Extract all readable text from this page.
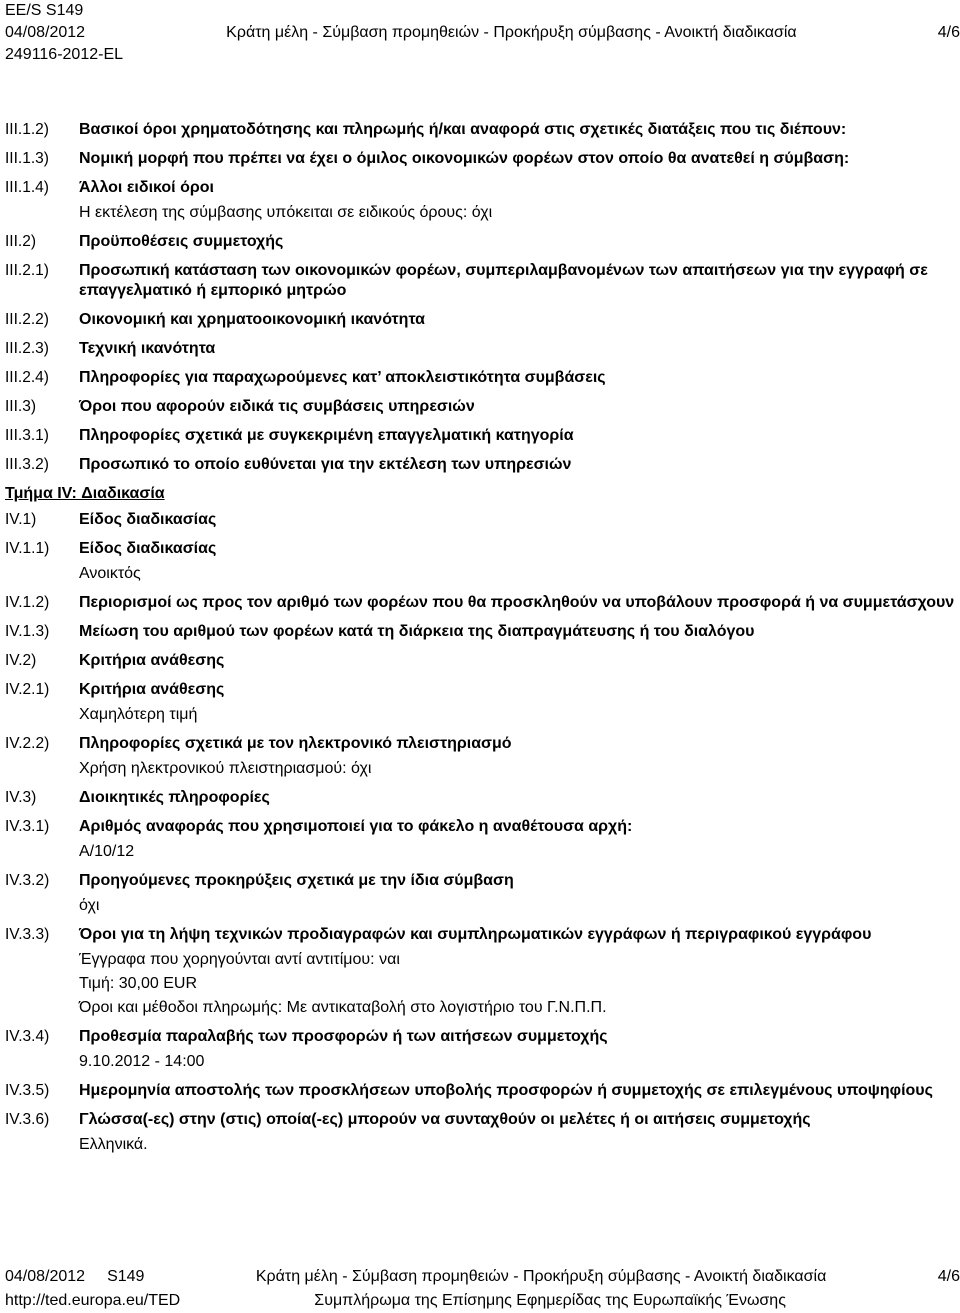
EE/S S149
04/08/2012	Κράτη μέλη - Σύμβαση προμηθειών - Προκήρυξη σύμβασης - Ανοικτή διαδικασία	4/6
249116-2012-EL
III.1.2)	Βασικοί όροι χρηματοδότησης και πληρωμής ή/και αναφορά στις σχετικές διατάξεις που τις διέπουν:
III.1.3)	Νομική μορφή που πρέπει να έχει ο όμιλος οικονομικών φορέων στον οποίο θα ανατεθεί η σύμβαση:
III.1.4)	Άλλοι ειδικοί όροι
Η εκτέλεση της σύμβασης υπόκειται σε ειδικούς όρους: όχι
III.2)	Προϋποθέσεις συμμετοχής
III.2.1)	Προσωπική κατάσταση των οικονομικών φορέων, συμπεριλαμβανομένων των απαιτήσεων για την εγγραφή σε επαγγελματικό ή εμπορικό μητρώο
III.2.2)	Οικονομική και χρηματοοικονομική ικανότητα
III.2.3)	Τεχνική ικανότητα
III.2.4)	Πληροφορίες για παραχωρούμενες κατ’ αποκλειστικότητα συμβάσεις
III.3)	Όροι που αφορούν ειδικά τις συμβάσεις υπηρεσιών
III.3.1)	Πληροφορίες σχετικά με συγκεκριμένη επαγγελματική κατηγορία
III.3.2)	Προσωπικό το οποίο ευθύνεται για την εκτέλεση των υπηρεσιών
Τμήμα IV: Διαδικασία
IV.1)	Είδος διαδικασίας
IV.1.1)	Είδος διαδικασίας
Ανοικτός
IV.1.2)	Περιορισμοί ως προς τον αριθμό των φορέων που θα προσκληθούν να υποβάλουν προσφορά ή να συμμετάσχουν
IV.1.3)	Μείωση του αριθμού των φορέων κατά τη διάρκεια της διαπραγμάτευσης ή του διαλόγου
IV.2)	Κριτήρια ανάθεσης
IV.2.1)	Κριτήρια ανάθεσης
Χαμηλότερη τιμή
IV.2.2)	Πληροφορίες σχετικά με τον ηλεκτρονικό πλειστηριασμό
Χρήση ηλεκτρονικού πλειστηριασμού: όχι
IV.3)	Διοικητικές πληροφορίες
IV.3.1)	Αριθμός αναφοράς που χρησιμοποιεί για το φάκελο η αναθέτουσα αρχή:
Α/10/12
IV.3.2)	Προηγούμενες προκηρύξεις σχετικά με την ίδια σύμβαση
όχι
IV.3.3)	Όροι για τη λήψη τεχνικών προδιαγραφών και συμπληρωματικών εγγράφων ή περιγραφικού εγγράφου
Έγγραφα που χορηγούνται αντί αντιτίμου: ναι
Τιμή: 30,00 EUR
Όροι και μέθοδοι πληρωμής: Με αντικαταβολή στο λογιστήριο του Γ.Ν.Π.Π.
IV.3.4)	Προθεσμία παραλαβής των προσφορών ή των αιτήσεων συμμετοχής
9.10.2012 - 14:00
IV.3.5)	Ημερομηνία αποστολής των προσκλήσεων υποβολής προσφορών ή συμμετοχής σε επιλεγμένους υποψηφίους
IV.3.6)	Γλώσσα(-ες) στην (στις) οποία(-ες) μπορούν να συνταχθούν οι μελέτες ή οι αιτήσεις συμμετοχής
Ελληνικά.
04/08/2012 S149	Κράτη μέλη - Σύμβαση προμηθειών - Προκήρυξη σύμβασης - Ανοικτή διαδικασία	4/6
http://ted.europa.eu/TED	Συμπλήρωμα της Επίσημης Εφημερίδας της Ευρωπαϊκής Ένωσης
